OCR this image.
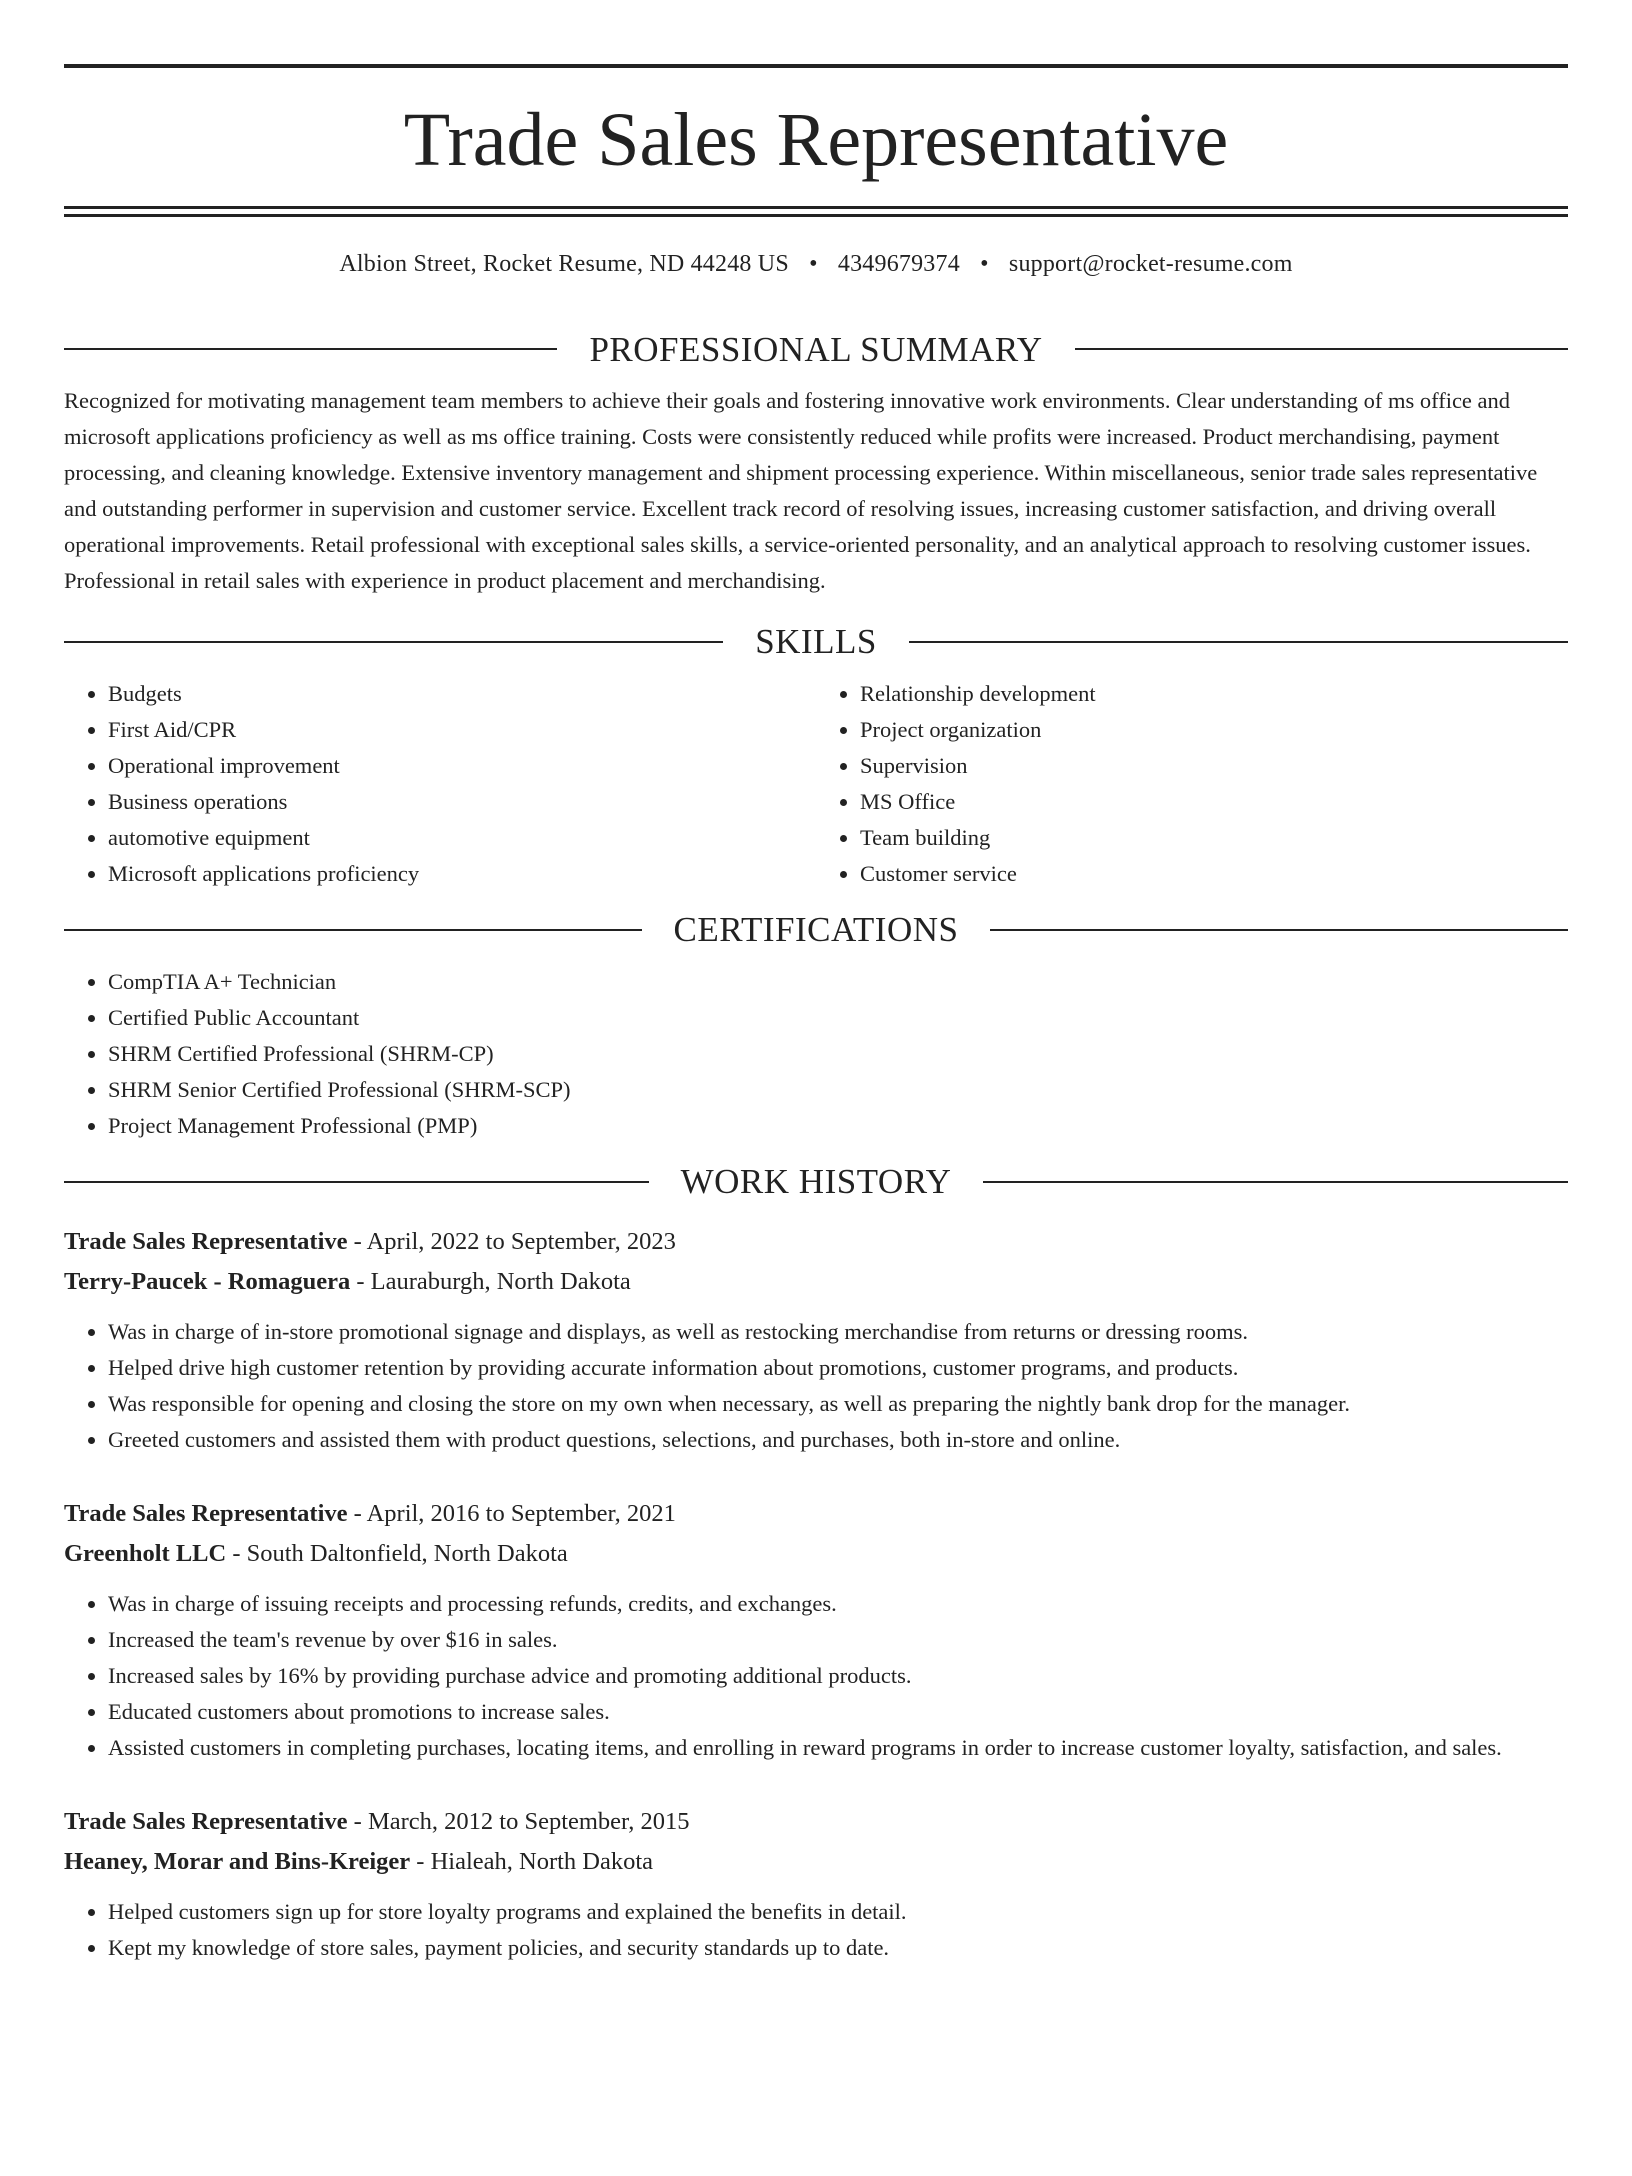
Trade Sales Representative
Albion Street, Rocket Resume, ND 44248 US • 4349679374 • support@rocket-resume.com
PROFESSIONAL SUMMARY

Recognized for motivating management team members to achieve their goals and fostering innovative work environments. Clear understanding of ms office and microsoft applications proficiency as well as ms office training. Costs were consistently reduced while profits were increased. Product merchandising, payment processing, and cleaning knowledge. Extensive inventory management and shipment processing experience. Within miscellaneous, senior trade sales representative and outstanding performer in supervision and customer service. Excellent track record of resolving issues, increasing customer satisfaction, and driving overall operational improvements. Retail professional with exceptional sales skills, a service-oriented personality, and an analytical approach to resolving customer issues. Professional in retail sales with experience in product placement and merchandising.

SKILLS
• Budgets
• First Aid/CPR
• Operational improvement
• Business operations
• automotive equipment
• Microsoft applications proficiency
• Relationship development
• Project organization
• Supervision
• MS Office
• Team building
• Customer service
CERTIFICATIONS
• CompTIA A+ Technician
• Certified Public Accountant
• SHRM Certified Professional (SHRM-CP)
• SHRM Senior Certified Professional (SHRM-SCP)
• Project Management Professional (PMP)
WORK HISTORY
Trade Sales Representative - April, 2022 to September, 2023
Terry-Paucek - Romaguera - Lauraburgh, North Dakota
• Was in charge of in-store promotional signage and displays, as well as restocking merchandise from returns or dressing rooms.
• Helped drive high customer retention by providing accurate information about promotions, customer programs, and products.
• Was responsible for opening and closing the store on my own when necessary, as well as preparing the nightly bank drop for the manager.
• Greeted customers and assisted them with product questions, selections, and purchases, both in-store and online.
Trade Sales Representative - April, 2016 to September, 2021
Greenholt LLC - South Daltonfield, North Dakota
• Was in charge of issuing receipts and processing refunds, credits, and exchanges.
• Increased the team's revenue by over $16 in sales.
• Increased sales by 16% by providing purchase advice and promoting additional products.
• Educated customers about promotions to increase sales.
• Assisted customers in completing purchases, locating items, and enrolling in reward programs in order to increase customer loyalty, satisfaction, and sales.
Trade Sales Representative - March, 2012 to September, 2015
Heaney, Morar and Bins-Kreiger - Hialeah, North Dakota
• Helped customers sign up for store loyalty programs and explained the benefits in detail.
• Kept my knowledge of store sales, payment policies, and security standards up to date.
